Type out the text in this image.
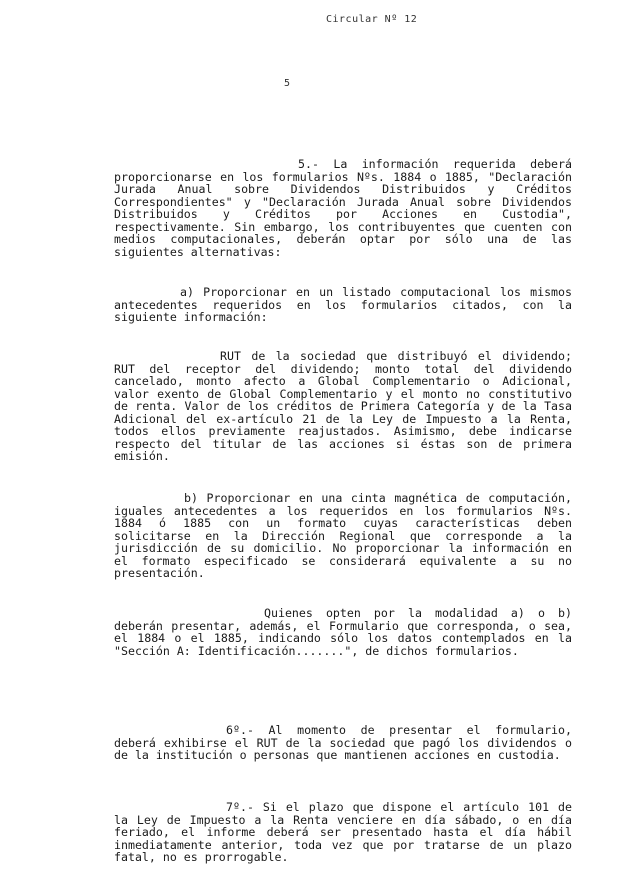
Circular Nº 12
5
5.- La información requerida deberá proporcionarse en los formularios Nºs. 1884 o 1885, "Declaración Jurada Anual sobre Dividendos Distribuidos y Créditos Correspondientes" y "Declaración Jurada Anual sobre Dividendos Distribuidos y Créditos por Acciones en Custodia", respectivamente. Sin embargo, los contribuyentes que cuenten con medios computacionales, deberán optar por sólo una de las siguientes alternativas:
a) Proporcionar en un listado computacional los mismos antecedentes requeridos en los formularios citados, con la siguiente información:
RUT de la sociedad que distribuyó el dividendo; RUT del receptor del dividendo; monto total del dividendo cancelado, monto afecto a Global Complementario o Adicional, valor exento de Global Complementario y el monto no constitutivo de renta. Valor de los créditos de Primera Categoría y de la Tasa Adicional del ex-artículo 21 de la Ley de Impuesto a la Renta, todos ellos previamente reajustados. Asimismo, debe indicarse respecto del titular de las acciones si éstas son de primera emisión.
b) Proporcionar en una cinta magnética de computación, iguales antecedentes a los requeridos en los formularios Nºs. 1884 ó 1885 con un formato cuyas características deben solicitarse en la Dirección Regional que corresponde a la jurisdicción de su domicilio. No proporcionar la información en el formato especificado se considerará equivalente a su no presentación.
Quienes opten por la modalidad a) o b) deberán presentar, además, el Formulario que corresponda, o sea, el 1884 o el 1885, indicando sólo los datos contemplados en la "Sección A: Identificación.......", de dichos formularios.
6º.- Al momento de presentar el formulario, deberá exhibirse el RUT de la sociedad que pagó los dividendos o de la institución o personas que mantienen acciones en custodia.
7º.- Si el plazo que dispone el artículo 101 de la Ley de Impuesto a la Renta venciere en día sábado, o en día feriado, el informe deberá ser presentado hasta el día hábil inmediatamente anterior, toda vez que por tratarse de un plazo fatal, no es prorrogable.
